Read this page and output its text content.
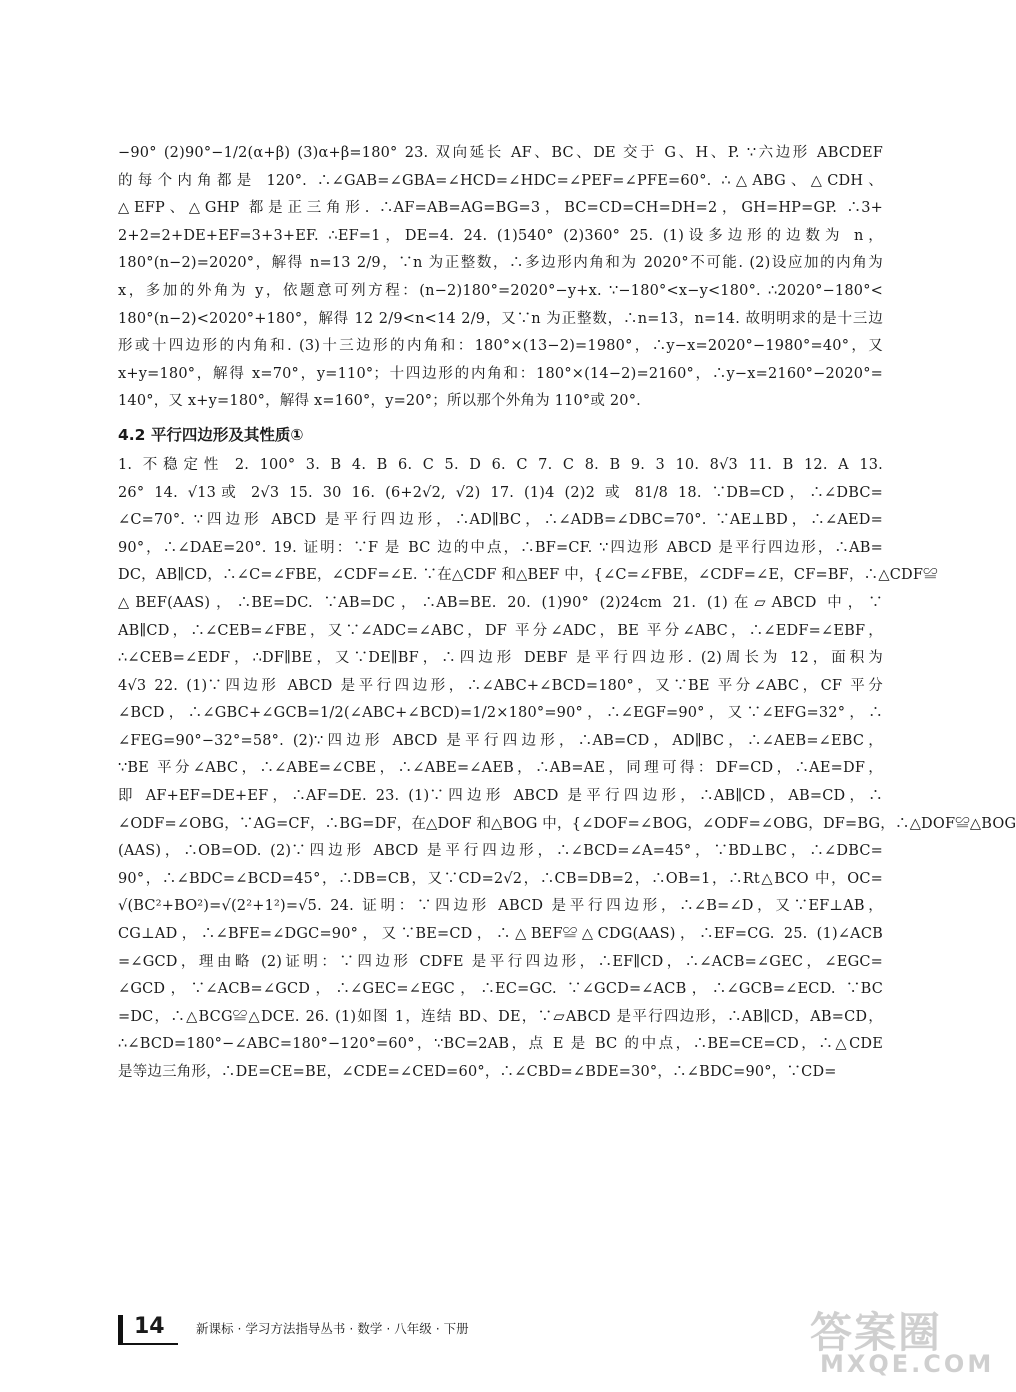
−90° (2)90°−1/2(α+β) (3)α+β=180° 23. 双向延长 AF、BC、DE 交于 G、H、P. ∵六边形 ABCDEF
的每个内角都是 120°. ∴∠GAB=∠GBA=∠HCD=∠HDC=∠PEF=∠PFE=60°. ∴△ABG、△CDH、
△EFP、△GHP 都是正三角形. ∴AF=AB=AG=BG=3，BC=CD=CH=DH=2，GH=HP=GP. ∴3+
2+2=2+DE+EF=3+3+EF. ∴EF=1，DE=4. 24. (1)540° (2)360° 25. (1)设多边形的边数为 n，
180°(n−2)=2020°，解得 n=13 2/9，∵n 为正整数，∴多边形内角和为 2020°不可能. (2)设应加的内角为
x，多加的外角为 y，依题意可列方程：(n−2)180°=2020°−y+x. ∵−180°<x−y<180°. ∴2020°−180°<
180°(n−2)<2020°+180°，解得 12 2/9<n<14 2/9，又∵n 为正整数，∴n=13，n=14. 故明明求的是十三边
形或十四边形的内角和. (3)十三边形的内角和：180°×(13−2)=1980°，∴y−x=2020°−1980°=40°，又
x+y=180°，解得 x=70°，y=110°；十四边形的内角和：180°×(14−2)=2160°，∴y−x=2160°−2020°=
140°，又 x+y=180°，解得 x=160°，y=20°；所以那个外角为 110°或 20°.
4.2 平行四边形及其性质①
1. 不稳定性 2. 100° 3. B 4. B 6. C 5. D 6. C 7. C 8. B 9. 3 10. 8√3 11. B 12. A 13.
26° 14. √13或 2√3 15. 30 16. (6+2√2, √2) 17. (1)4 (2)2 或 81/8 18. ∵DB=CD，∴∠DBC=
∠C=70°. ∵四边形 ABCD 是平行四边形，∴AD∥BC，∴∠ADB=∠DBC=70°. ∵AE⊥BD，∴∠AED=
90°，∴∠DAE=20°. 19. 证明：∵F 是 BC 边的中点，∴BF=CF. ∵四边形 ABCD 是平行四边形，∴AB=
DC，AB∥CD，∴∠C=∠FBE，∠CDF=∠E. ∵在△CDF 和△BEF 中，{∠C=∠FBE，∠CDF=∠E，CF=BF，∴△CDF≌
△BEF(AAS)，∴BE=DC. ∵AB=DC，∴AB=BE. 20. (1)90° (2)24cm 21. (1)在▱ABCD 中，∵
AB∥CD，∴∠CEB=∠FBE，又∵∠ADC=∠ABC，DF 平分∠ADC，BE 平分∠ABC，∴∠EDF=∠EBF，
∴∠CEB=∠EDF，∴DF∥BE，又∵DE∥BF，∴四边形 DEBF 是平行四边形. (2)周长为 12，面积为
4√3 22. (1)∵四边形 ABCD 是平行四边形，∴∠ABC+∠BCD=180°，又∵BE 平分∠ABC，CF 平分
∠BCD，∴∠GBC+∠GCB=1/2(∠ABC+∠BCD)=1/2×180°=90°，∴∠EGF=90°，又∵∠EFG=32°，∴
∠FEG=90°−32°=58°. (2)∵四边形 ABCD 是平行四边形，∴AB=CD，AD∥BC，∴∠AEB=∠EBC，
∵BE 平分∠ABC，∴∠ABE=∠CBE，∴∠ABE=∠AEB，∴AB=AE，同理可得：DF=CD，∴AE=DF，
即 AF+EF=DE+EF，∴AF=DE. 23. (1)∵四边形 ABCD 是平行四边形，∴AB∥CD，AB=CD，∴
∠ODF=∠OBG，∵AG=CF，∴BG=DF，在△DOF 和△BOG 中，{∠DOF=∠BOG，∠ODF=∠OBG，DF=BG，∴△DOF≌△BOG
(AAS)，∴OB=OD. (2)∵四边形 ABCD 是平行四边形，∴∠BCD=∠A=45°，∵BD⊥BC，∴∠DBC=
90°，∴∠BDC=∠BCD=45°，∴DB=CB，又∵CD=2√2，∴CB=DB=2，∴OB=1，∴Rt△BCO 中，OC=
√(BC²+BO²)=√(2²+1²)=√5. 24. 证明：∵四边形 ABCD 是平行四边形，∴∠B=∠D，又∵EF⊥AB，
CG⊥AD，∴∠BFE=∠DGC=90°，又∵BE=CD，∴△BEF≌△CDG(AAS)，∴EF=CG. 25. (1)∠ACB
=∠GCD，理由略 (2)证明：∵四边形 CDFE 是平行四边形，∴EF∥CD，∴∠ACB=∠GEC，∠EGC=
∠GCD，∵∠ACB=∠GCD，∴∠GEC=∠EGC，∴EC=GC. ∵∠GCD=∠ACB，∴∠GCB=∠ECD. ∵BC
=DC，∴△BCG≌△DCE. 26. (1)如图 1，连结 BD、DE，∵▱ABCD 是平行四边形，∴AB∥CD，AB=CD，
∴∠BCD=180°−∠ABC=180°−120°=60°，∵BC=2AB，点 E 是 BC 的中点，∴BE=CE=CD，∴△CDE
是等边三角形，∴DE=CE=BE，∠CDE=∠CED=60°，∴∠CBD=∠BDE=30°，∴∠BDC=90°，∵CD=
14	新课标 · 学习方法指导丛书 · 数学 · 八年级 · 下册	答案圈
MXQE.COM
